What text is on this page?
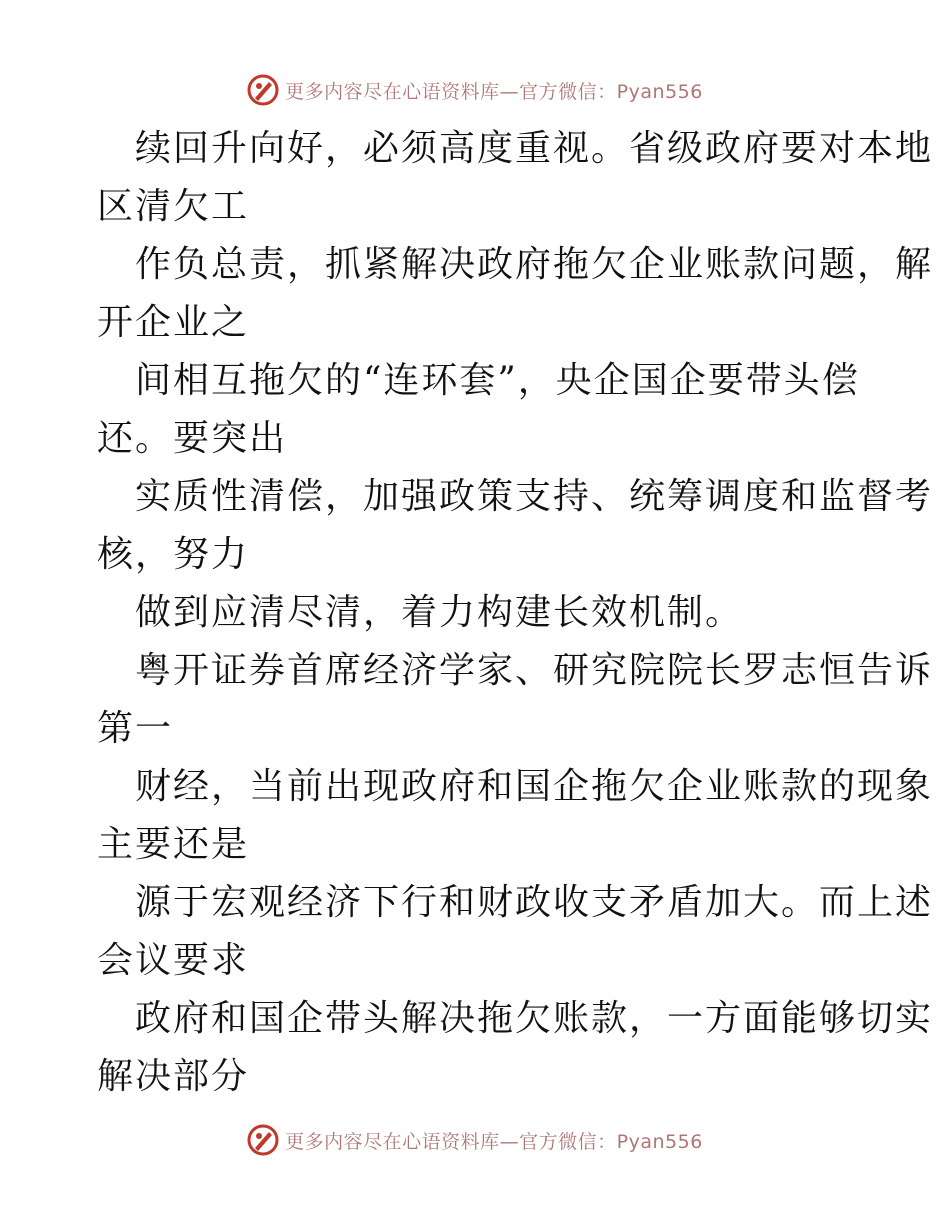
更多内容尽在心语资料库—官方微信：Pyan556

续回升向好，必须高度重视。省级政府要对本地
区清欠工

作负总责，抓紧解决政府拖欠企业账款问题，解
开企业之

间相互拖欠的“连环套”，央企国企要带头偿
还。要突出

实质性清偿，加强政策支持、统筹调度和监督考
核，努力

做到应清尽清，着力构建长效机制。

粤开证券首席经济学家、研究院院长罗志恒告诉
第一

财经，当前出现政府和国企拖欠企业账款的现象
主要还是

源于宏观经济下行和财政收支矛盾加大。而上述
会议要求

政府和国企带头解决拖欠账款，一方面能够切实
解决部分

更多内容尽在心语资料库—官方微信：Pyan556
